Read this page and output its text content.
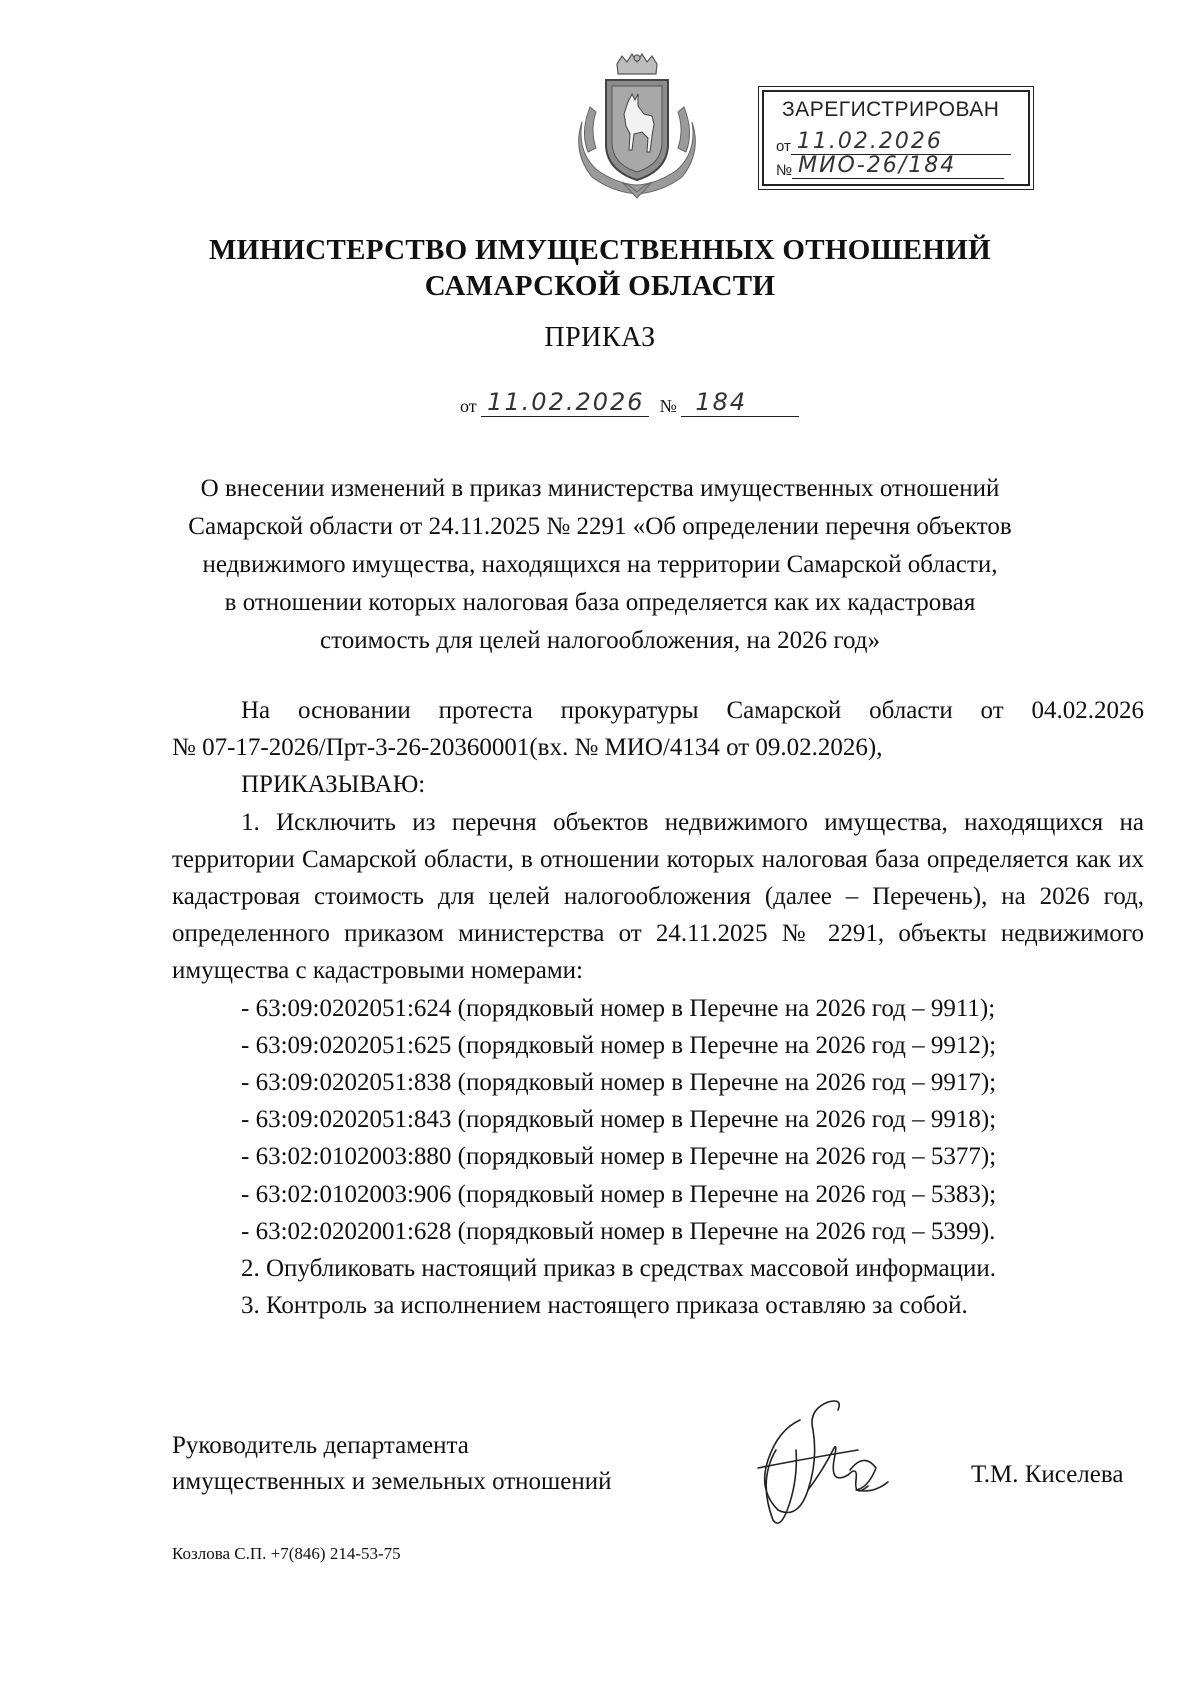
ЗАРЕГИСТРИРОВАН
от 11.02.2026
№ МИО-26/184
МИНИСТЕРСТВО ИМУЩЕСТВЕННЫХ ОТНОШЕНИЙ
САМАРСКОЙ ОБЛАСТИ
ПРИКАЗ
от 11.02.2026 № 184
О внесении изменений в приказ министерства имущественных отношений
Самарской области от 24.11.2025 № 2291 «Об определении перечня объектов
недвижимого имущества, находящихся на территории Самарской области,
в отношении которых налоговая база определяется как их кадастровая
стоимость для целей налогообложения, на 2026 год»

На основании протеста прокуратуры Самарской области от 04.02.2026

№ 07-17-2026/Прт-3-26-20360001(вх. № МИО/4134 от 09.02.2026),

ПРИКАЗЫВАЮ:

1. Исключить из перечня объектов недвижимого имущества, находящихся на территории Самарской области, в отношении которых налоговая база определяется как их кадастровая стоимость для целей налогообложения (далее – Перечень), на 2026 год, определенного приказом министерства от 24.11.2025 № 2291, объекты недвижимого имущества с кадастровыми номерами:

- 63:09:0202051:624 (порядковый номер в Перечне на 2026 год – 9911);

- 63:09:0202051:625 (порядковый номер в Перечне на 2026 год – 9912);

- 63:09:0202051:838 (порядковый номер в Перечне на 2026 год – 9917);

- 63:09:0202051:843 (порядковый номер в Перечне на 2026 год – 9918);

- 63:02:0102003:880 (порядковый номер в Перечне на 2026 год – 5377);

- 63:02:0102003:906 (порядковый номер в Перечне на 2026 год – 5383);

- 63:02:0202001:628 (порядковый номер в Перечне на 2026 год – 5399).

2. Опубликовать настоящий приказ в средствах массовой информации.

3. Контроль за исполнением настоящего приказа оставляю за собой.

Руководитель департамента
имущественных и земельных отношений	Т.М. Киселева
Козлова С.П. +7(846) 214-53-75
